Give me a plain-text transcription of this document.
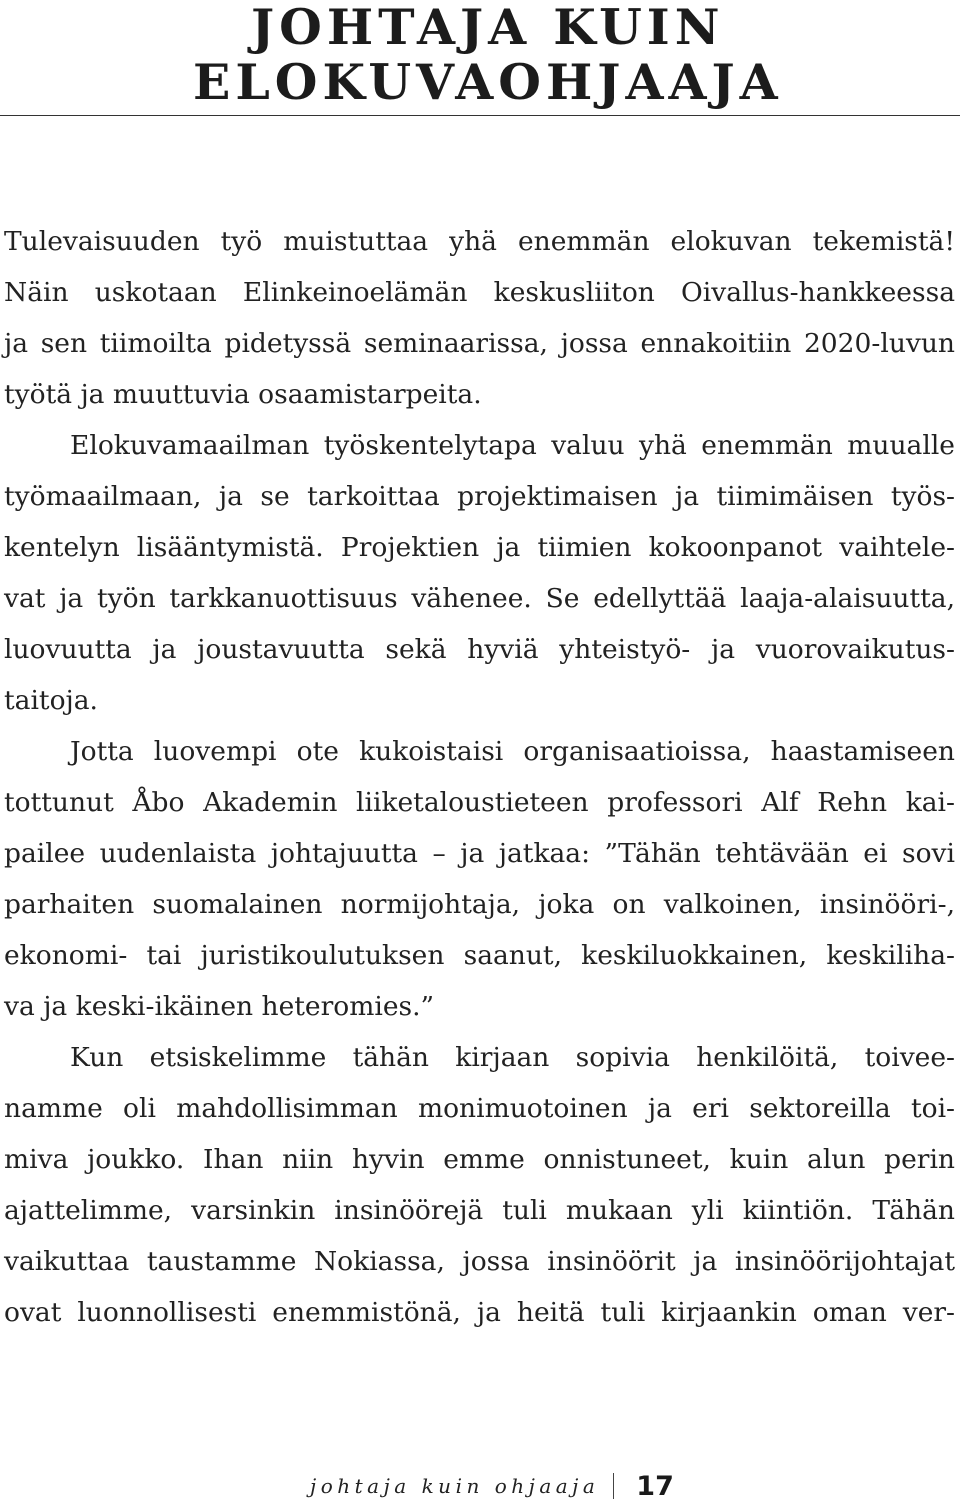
JOHTAJA KUIN
ELOKUVAOHJAAJA
Tulevaisuuden työ muistuttaa yhä enemmän elokuvan tekemistä!
Näin uskotaan Elinkeinoelämän keskusliiton Oivallus-hankkeessa
ja sen tiimoilta pidetyssä seminaarissa, jossa ennakoitiin 2020-luvun
työtä ja muuttuvia osaamistarpeita.
Elokuvamaailman työskentelytapa valuu yhä enemmän muualle
työmaailmaan, ja se tarkoittaa projektimaisen ja tiimimäisen työs-
kentelyn lisääntymistä. Projektien ja tiimien kokoonpanot vaihtele-
vat ja työn tarkkanuottisuus vähenee. Se edellyttää laaja-alaisuutta,
luovuutta ja joustavuutta sekä hyviä yhteistyö- ja vuorovaikutus-
taitoja.
Jotta luovempi ote kukoistaisi organisaatioissa, haastamiseen
tottunut Åbo Akademin liiketaloustieteen professori Alf Rehn kai-
pailee uudenlaista johtajuutta – ja jatkaa: ”Tähän tehtävään ei sovi
parhaiten suomalainen normijohtaja, joka on valkoinen, insinööri-,
ekonomi- tai juristikoulutuksen saanut, keskiluokkainen, keskiliha-
va ja keski-ikäinen heteromies.”
Kun etsiskelimme tähän kirjaan sopivia henkilöitä, toivee-
namme oli mahdollisimman monimuotoinen ja eri sektoreilla toi-
miva joukko. Ihan niin hyvin emme onnistuneet, kuin alun perin
ajattelimme, varsinkin insinöörejä tuli mukaan yli kiintiön. Tähän
vaikuttaa taustamme Nokiassa, jossa insinöörit ja insinöörijohtajat
ovat luonnollisesti enemmistönä, ja heitä tuli kirjaankin oman ver-
johtaja kuin ohjaaja 17
